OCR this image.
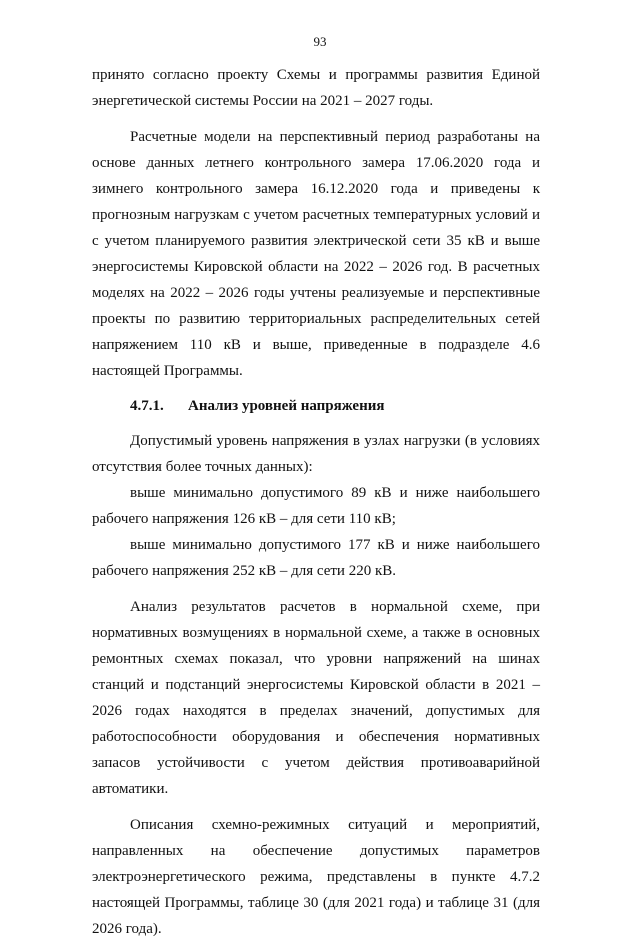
93

принято согласно проекту Схемы и программы развития Единой энергетической системы России на 2021 – 2027 годы.

Расчетные модели на перспективный период разработаны на основе данных летнего контрольного замера 17.06.2020 года и зимнего контрольного замера 16.12.2020 года и приведены к прогнозным нагрузкам с учетом расчетных температурных условий и с учетом планируемого развития электрической сети 35 кВ и выше энергосистемы Кировской области на 2022 – 2026 год. В расчетных моделях на 2022 – 2026 годы учтены реализуемые и перспективные проекты по развитию территориальных распределительных сетей напряжением 110 кВ и выше, приведенные в подразделе 4.6 настоящей Программы.

4.7.1. Анализ уровней напряжения

Допустимый уровень напряжения в узлах нагрузки (в условиях отсутствия более точных данных):

выше минимально допустимого 89 кВ и ниже наибольшего рабочего напряжения 126 кВ – для сети 110 кВ;

выше минимально допустимого 177 кВ и ниже наибольшего рабочего напряжения 252 кВ – для сети 220 кВ.

Анализ результатов расчетов в нормальной схеме, при нормативных возмущениях в нормальной схеме, а также в основных ремонтных схемах показал, что уровни напряжений на шинах станций и подстанций энергосистемы Кировской области в 2021 – 2026 годах находятся в пределах значений, допустимых для работоспособности оборудования и обеспечения нормативных запасов устойчивости с учетом действия противоаварийной автоматики.

Описания схемно-режимных ситуаций и мероприятий, направленных на обеспечение допустимых параметров электроэнергетического режима, представлены в пункте 4.7.2 настоящей Программы, таблице 30 (для 2021 года) и таблице 31 (для 2026 года).
